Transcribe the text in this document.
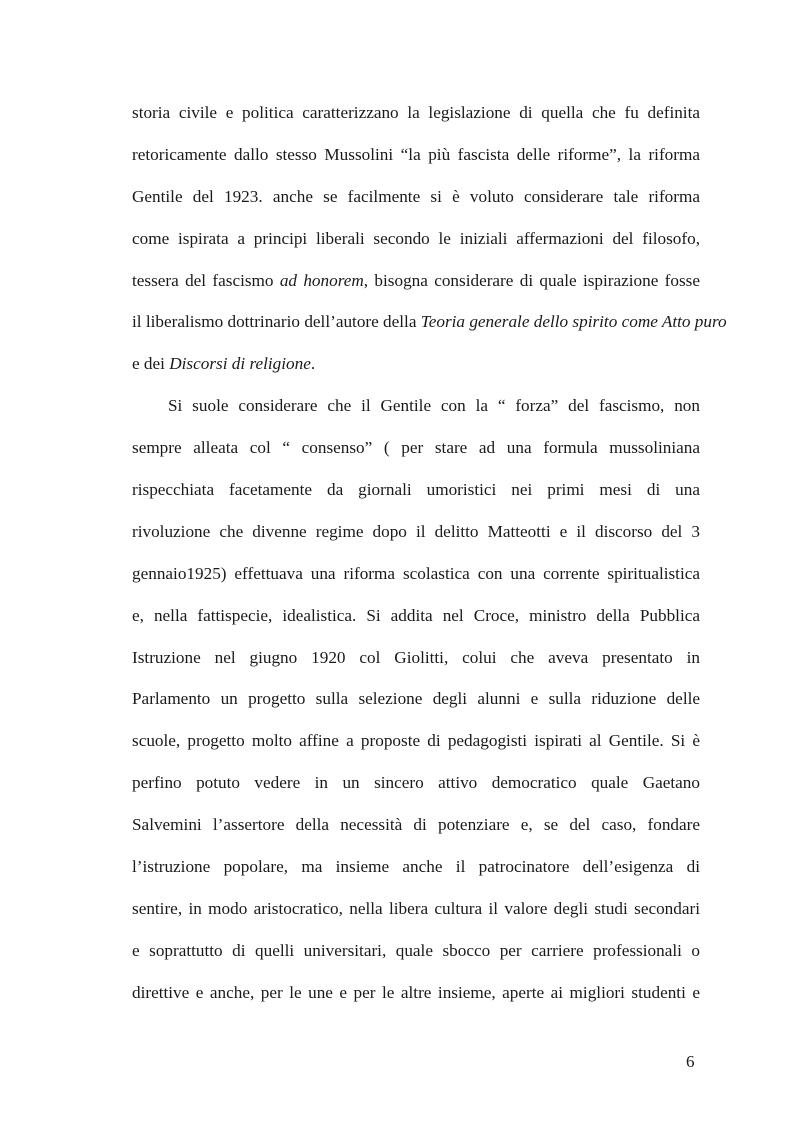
storia civile e politica caratterizzano la legislazione di quella che fu definita
retoricamente dallo stesso Mussolini “la più fascista delle riforme”, la riforma
Gentile del 1923. anche se facilmente si è voluto considerare tale riforma
come ispirata a principi liberali secondo le iniziali affermazioni del filosofo,
tessera del fascismo ad honorem, bisogna considerare di quale ispirazione fosse
il liberalismo dottrinario dell’autore della Teoria generale dello spirito come Atto puro
e dei Discorsi di religione.
Si suole considerare che il Gentile con la “ forza” del fascismo, non
sempre alleata col “ consenso” ( per stare ad una formula mussoliniana
rispecchiata facetamente da giornali umoristici nei primi mesi di una
rivoluzione che divenne regime dopo il delitto Matteotti e il discorso del 3
gennaio1925) effettuava una riforma scolastica con una corrente spiritualistica
e, nella fattispecie, idealistica. Si addita nel Croce, ministro della Pubblica
Istruzione nel giugno 1920 col Giolitti, colui che aveva presentato in
Parlamento un progetto sulla selezione degli alunni e sulla riduzione delle
scuole, progetto molto affine a proposte di pedagogisti ispirati al Gentile. Si è
perfino potuto vedere in un sincero attivo democratico quale Gaetano
Salvemini l’assertore della necessità di potenziare e, se del caso, fondare
l’istruzione popolare, ma insieme anche il patrocinatore dell’esigenza di
sentire, in modo aristocratico, nella libera cultura il valore degli studi secondari
e soprattutto di quelli universitari, quale sbocco per carriere professionali o
direttive e anche, per le une e per le altre insieme, aperte ai migliori studenti e
6
